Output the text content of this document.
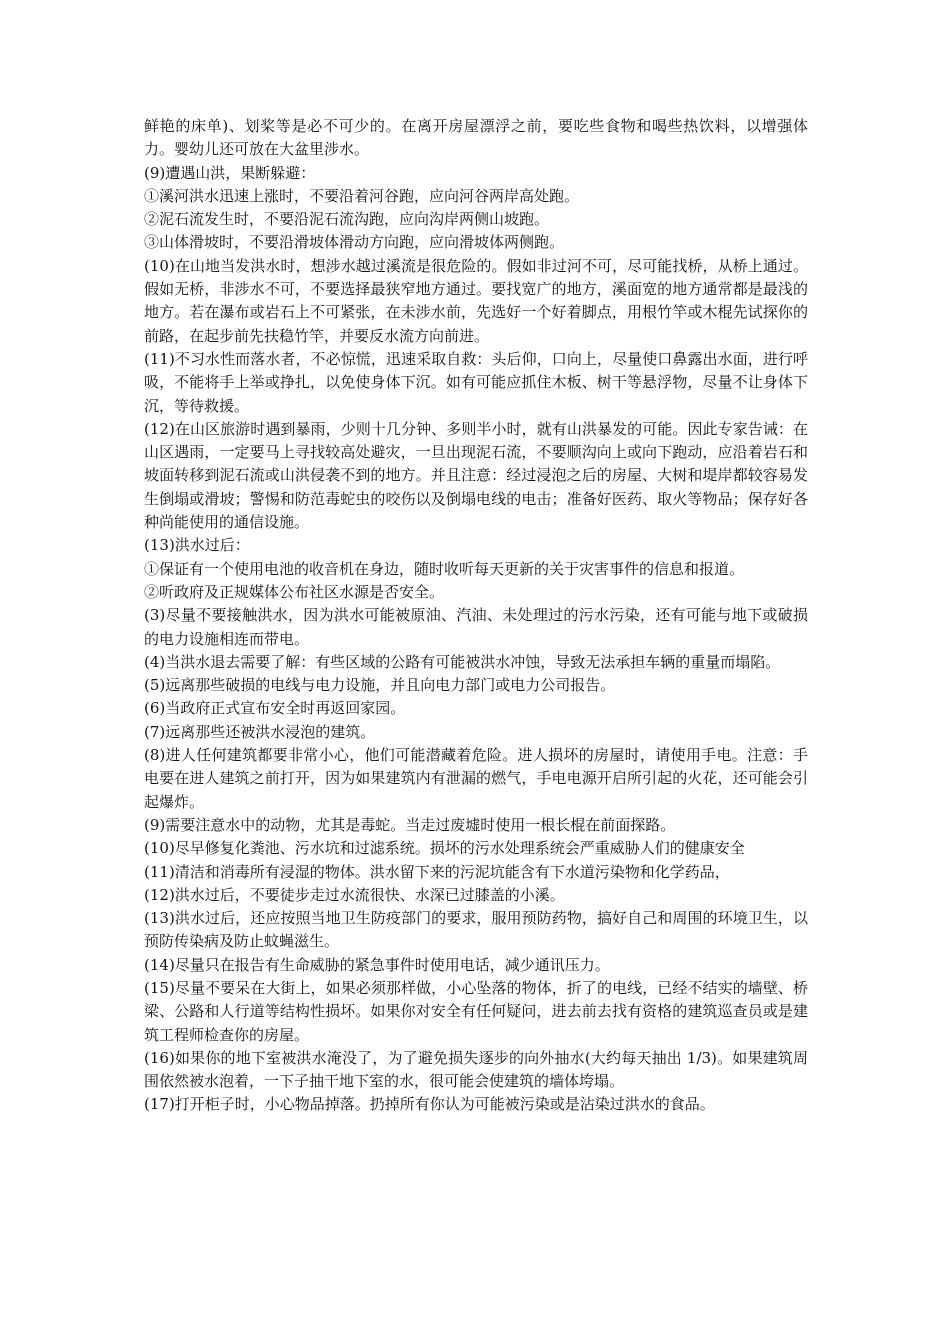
鲜艳的床单)、划桨等是必不可少的。在离开房屋漂浮之前，要吃些食物和喝些热饮料，以增强体力。婴幼儿还可放在大盆里涉水。

(9)遭遇山洪，果断躲避：

①溪河洪水迅速上涨时，不要沿着河谷跑，应向河谷两岸高处跑。

②泥石流发生时，不要沿泥石流沟跑，应向沟岸两侧山坡跑。

③山体滑坡时，不要沿滑坡体滑动方向跑，应向滑坡体两侧跑。

(10)在山地当发洪水时，想涉水越过溪流是很危险的。假如非过河不可，尽可能找桥，从桥上通过。假如无桥，非涉水不可，不要选择最狭窄地方通过。要找宽广的地方，溪面宽的地方通常都是最浅的地方。若在瀑布或岩石上不可紧张，在未涉水前，先选好一个好着脚点，用根竹竿或木棍先试探你的前路，在起步前先扶稳竹竿，并要反水流方向前进。

(11)不习水性而落水者，不必惊慌，迅速采取自救：头后仰，口向上，尽量使口鼻露出水面，进行呼吸，不能将手上举或挣扎，以免使身体下沉。如有可能应抓住木板、树干等悬浮物，尽量不让身体下沉，等待救援。

(12)在山区旅游时遇到暴雨，少则十几分钟、多则半小时，就有山洪暴发的可能。因此专家告诫：在山区遇雨，一定要马上寻找较高处避灾，一旦出现泥石流，不要顺沟向上或向下跑动，应沿着岩石和坡面转移到泥石流或山洪侵袭不到的地方。并且注意：经过浸泡之后的房屋、大树和堤岸都较容易发生倒塌或滑坡；警惕和防范毒蛇虫的咬伤以及倒塌电线的电击；准备好医药、取火等物品；保存好各种尚能使用的通信设施。

(13)洪水过后：

①保证有一个使用电池的收音机在身边，随时收听每天更新的关于灾害事件的信息和报道。

②听政府及正规媒体公布社区水源是否安全。

(3)尽量不要接触洪水，因为洪水可能被原油、汽油、未处理过的污水污染，还有可能与地下或破损的电力设施相连而带电。

(4)当洪水退去需要了解：有些区域的公路有可能被洪水冲蚀，导致无法承担车辆的重量而塌陷。

(5)远离那些破损的电线与电力设施，并且向电力部门或电力公司报告。

(6)当政府正式宣布安全时再返回家园。

(7)远离那些还被洪水浸泡的建筑。

(8)进人任何建筑都要非常小心，他们可能潜藏着危险。进人损坏的房屋时，请使用手电。注意：手电要在进人建筑之前打开，因为如果建筑内有泄漏的燃气，手电电源开启所引起的火花，还可能会引起爆炸。

(9)需要注意水中的动物，尤其是毒蛇。当走过废墟时使用一根长棍在前面探路。

(10)尽早修复化粪池、污水坑和过滤系统。损坏的污水处理系统会严重威胁人们的健康安全

(11)清洁和消毒所有浸湿的物体。洪水留下来的污泥坑能含有下水道污染物和化学药品，

(12)洪水过后，不要徒步走过水流很快、水深已过膝盖的小溪。

(13)洪水过后，还应按照当地卫生防疫部门的要求，服用预防药物，搞好自己和周围的环境卫生，以预防传染病及防止蚊蝇滋生。

(14)尽量只在报告有生命威胁的紧急事件时使用电话，减少通讯压力。

(15)尽量不要呆在大街上，如果必须那样做，小心坠落的物体，折了的电线，已经不结实的墙壁、桥梁、公路和人行道等结构性损坏。如果你对安全有任何疑问，进去前去找有资格的建筑巡查员或是建筑工程师检查你的房屋。

(16)如果你的地下室被洪水淹没了，为了避免损失逐步的向外抽水(大约每天抽出 1/3)。如果建筑周围依然被水泡着，一下子抽干地下室的水，很可能会使建筑的墙体垮塌。

(17)打开柜子时，小心物品掉落。扔掉所有你认为可能被污染或是沾染过洪水的食品。
